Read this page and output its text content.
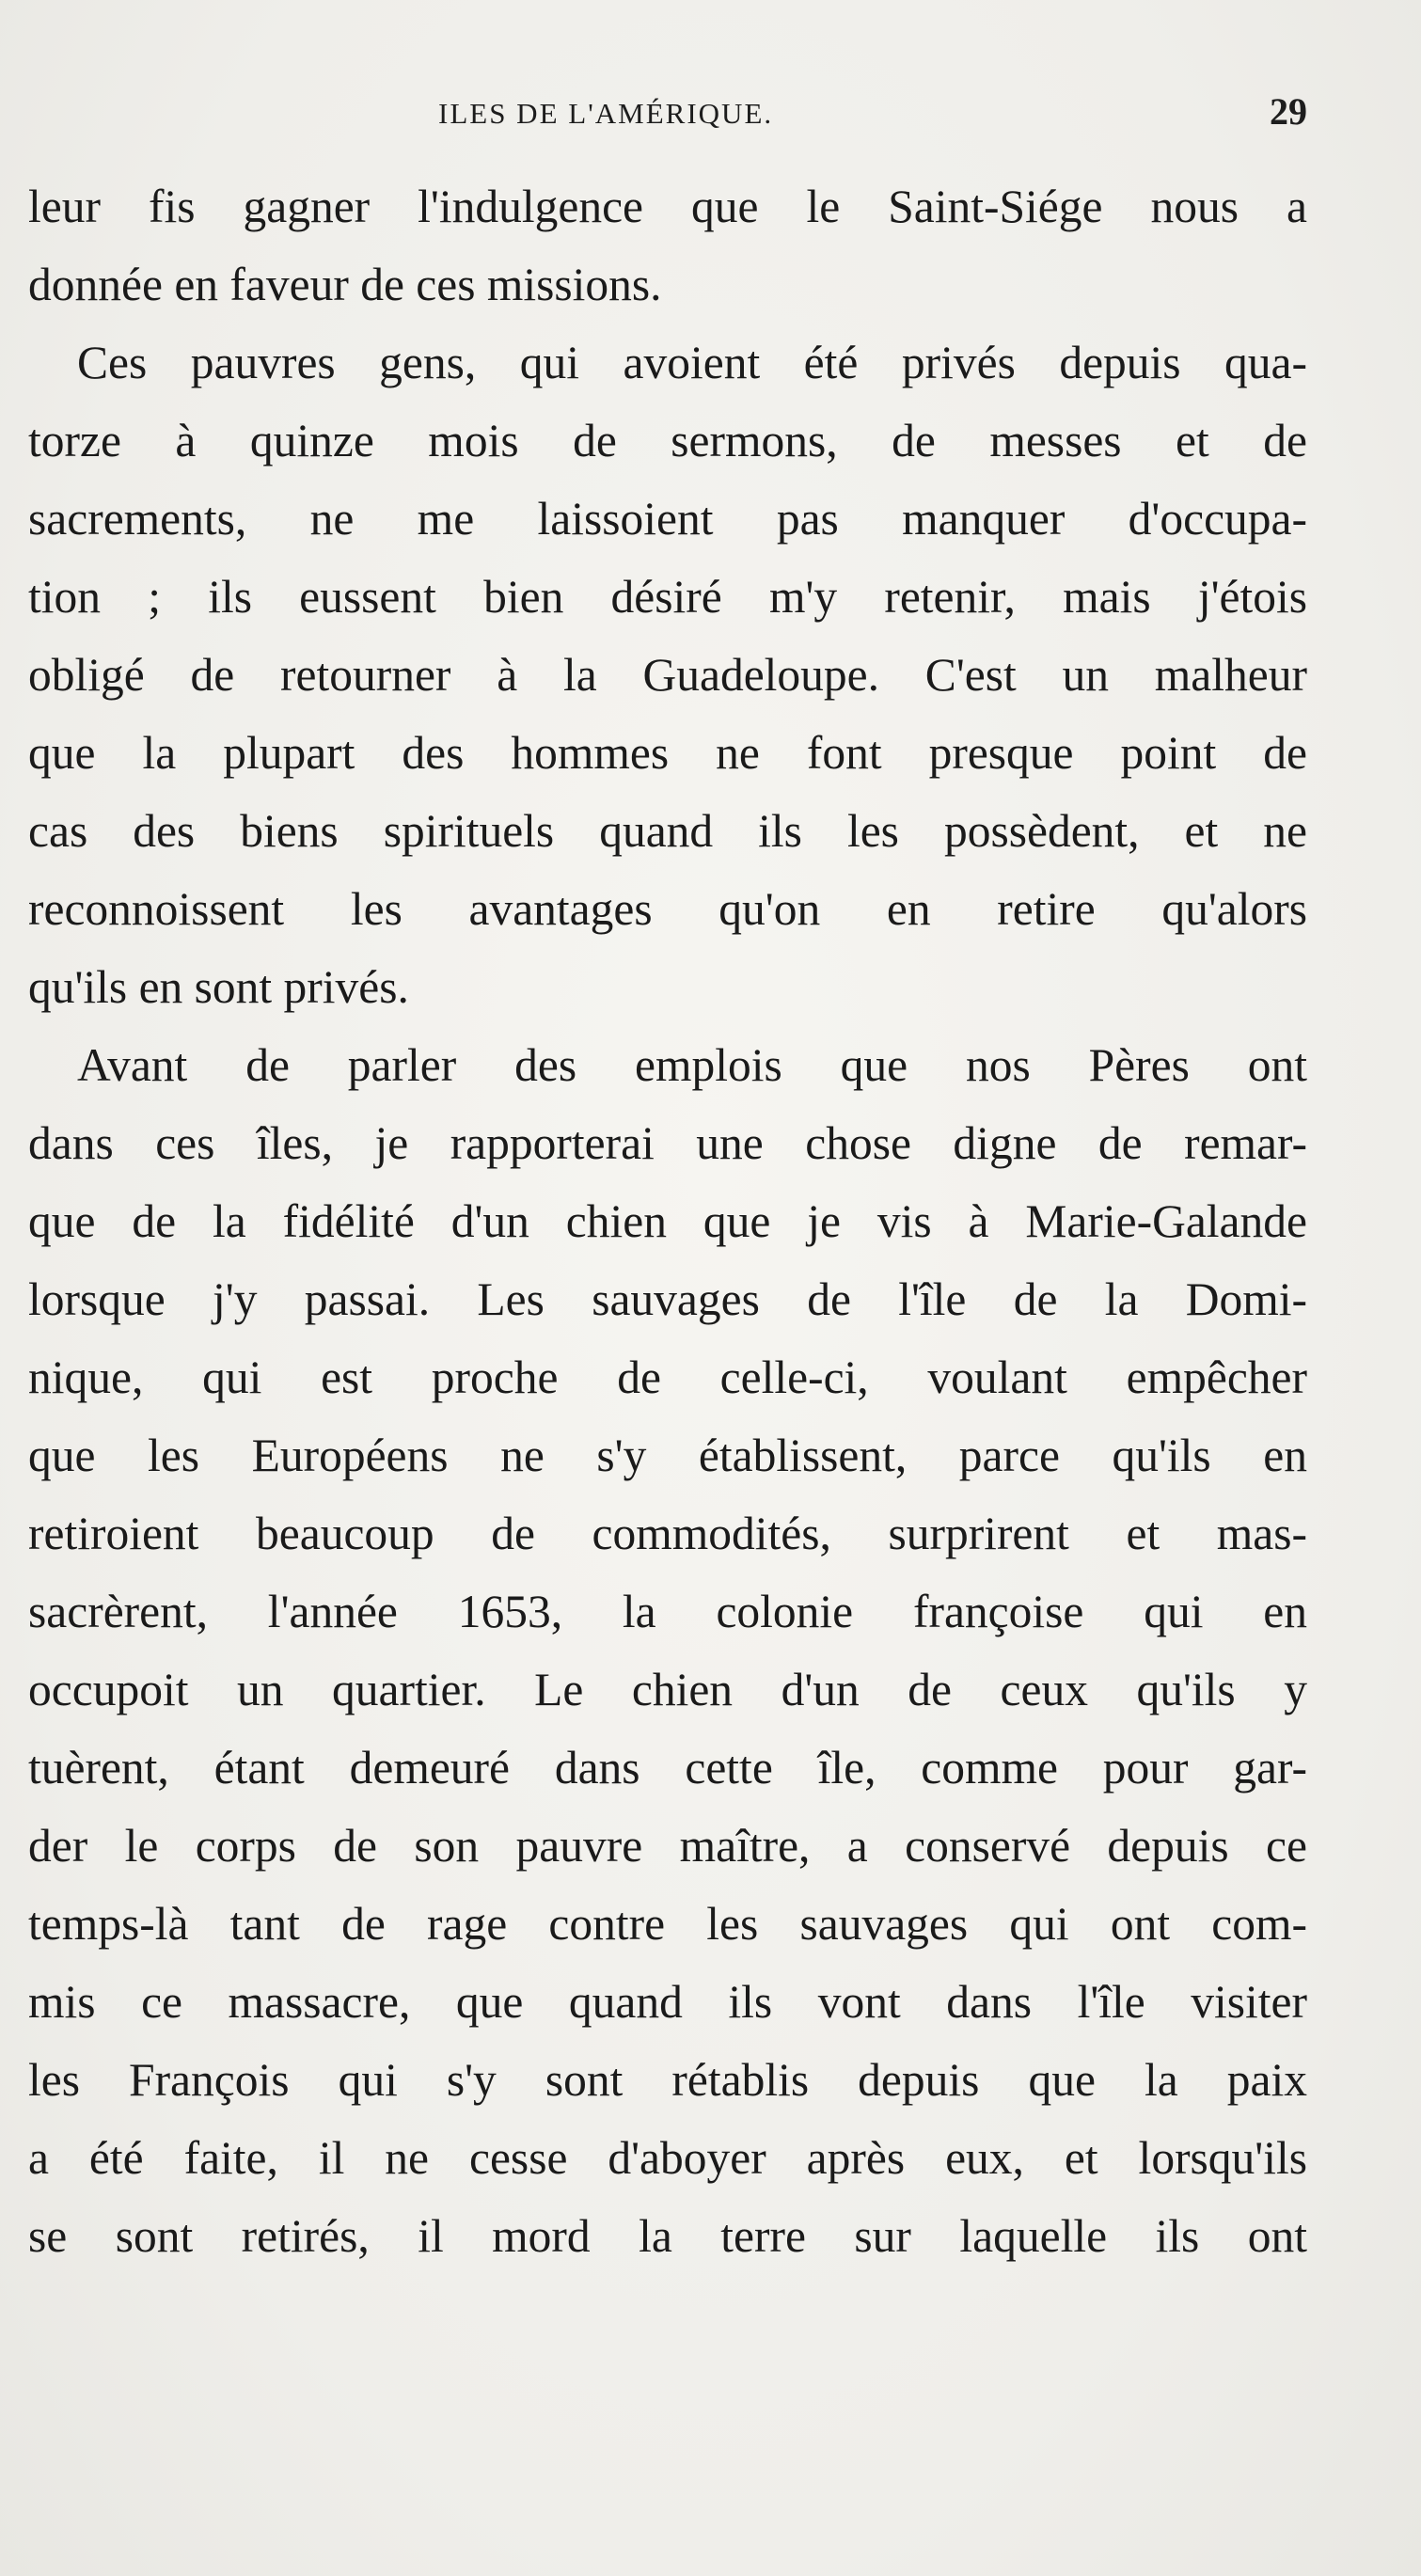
ILES DE L'AMÉRIQUE.	29
leur fis gagner l'indulgence que le Saint-Siége nous a
donnée en faveur de ces missions.
Ces pauvres gens, qui avoient été privés depuis qua-
torze à quinze mois de sermons, de messes et de
sacrements, ne me laissoient pas manquer d'occupa-
tion ; ils eussent bien désiré m'y retenir, mais j'étois
obligé de retourner à la Guadeloupe. C'est un malheur
que la plupart des hommes ne font presque point de
cas des biens spirituels quand ils les possèdent, et ne
reconnoissent les avantages qu'on en retire qu'alors
qu'ils en sont privés.
Avant de parler des emplois que nos Pères ont
dans ces îles, je rapporterai une chose digne de remar-
que de la fidélité d'un chien que je vis à Marie-Galande
lorsque j'y passai. Les sauvages de l'île de la Domi-
nique, qui est proche de celle-ci, voulant empêcher
que les Européens ne s'y établissent, parce qu'ils en
retiroient beaucoup de commodités, surprirent et mas-
sacrèrent, l'année 1653, la colonie françoise qui en
occupoit un quartier. Le chien d'un de ceux qu'ils y
tuèrent, étant demeuré dans cette île, comme pour gar-
der le corps de son pauvre maître, a conservé depuis ce
temps-là tant de rage contre les sauvages qui ont com-
mis ce massacre, que quand ils vont dans l'île visiter
les François qui s'y sont rétablis depuis que la paix
a été faite, il ne cesse d'aboyer après eux, et lorsqu'ils
se sont retirés, il mord la terre sur laquelle ils ont
